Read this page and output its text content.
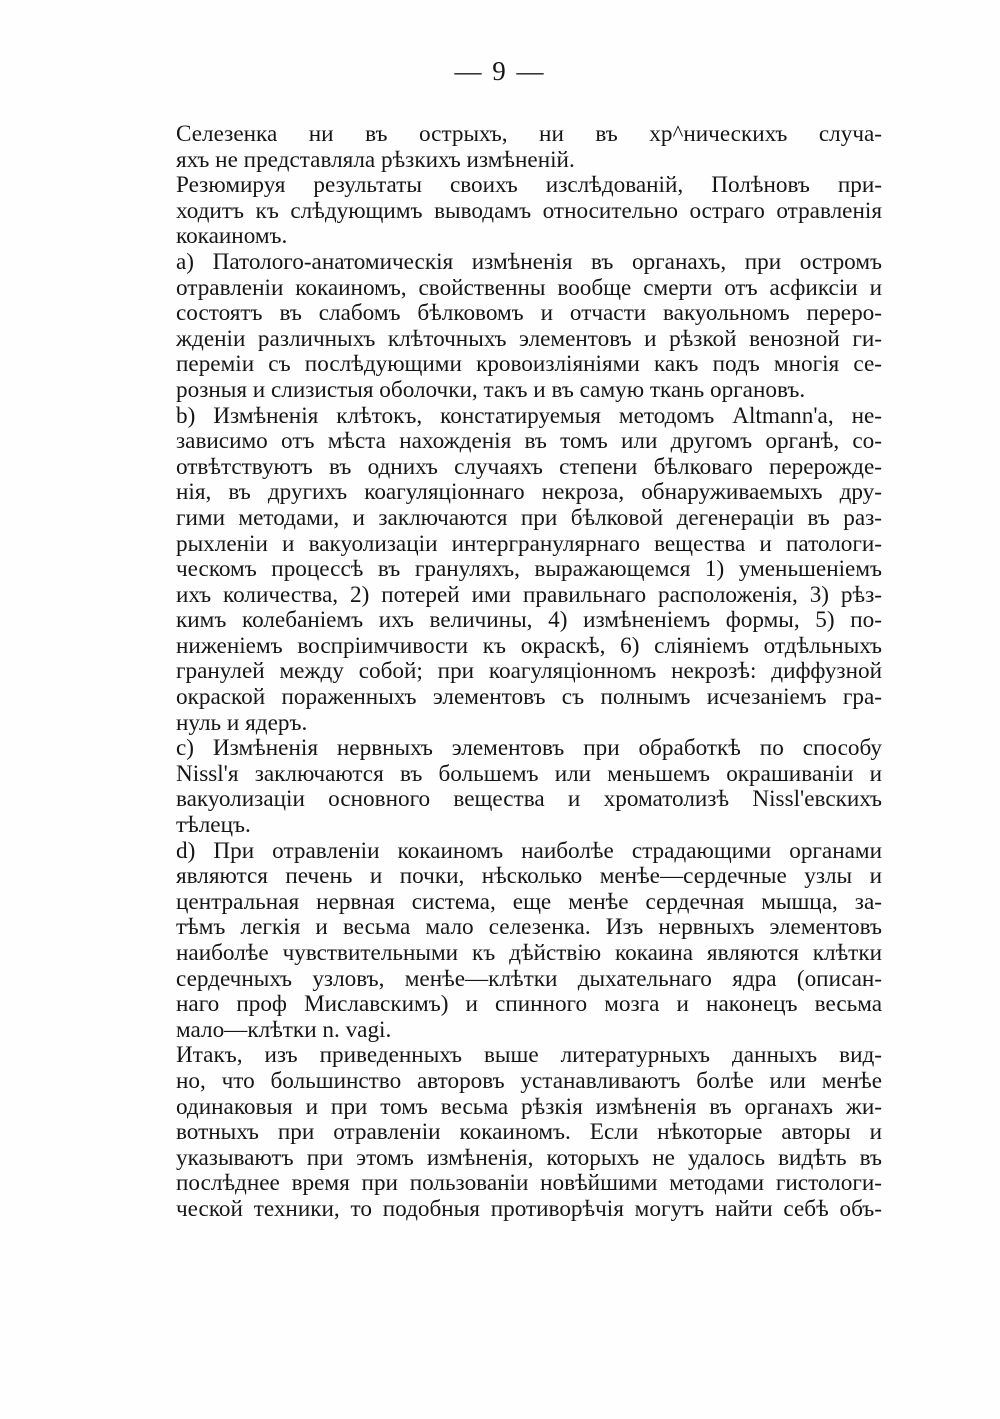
— 9 —
Селезенка ни въ острыхъ, ни въ хр^ническихъ случа-
яхъ не представляла рѣзкихъ измѣненій.
Резюмируя результаты своихъ изслѣдованій, Полѣновъ при-
ходитъ къ слѣдующимъ выводамъ относительно остраго отравленія
кокаиномъ.
а) Патолого-анатомическія измѣненія въ органахъ, при остромъ
отравленіи кокаиномъ, свойственны вообще смерти отъ асфиксіи и
состоятъ въ слабомъ бѣлковомъ и отчасти вакуольномъ переро-
жденіи различныхъ клѣточныхъ элементовъ и рѣзкой венозной ги-
переміи съ послѣдующими кровоизліяніями какъ подъ многія се-
розныя и слизистыя оболочки, такъ и въ самую ткань органовъ.
b) Измѣненія клѣтокъ, констатируемыя методомъ Altmann'а, не-
зависимо отъ мѣста нахожденія въ томъ или другомъ органѣ, со-
отвѣтствуютъ въ однихъ случаяхъ степени бѣлковаго перерожде-
нія, въ другихъ коагуляціоннаго некроза, обнаруживаемыхъ дру-
гими методами, и заключаются при бѣлковой дегенераціи въ раз-
рыхленіи и вакуолизаціи интергранулярнаго вещества и патологи-
ческомъ процессѣ въ грануляхъ, выражающемся 1) уменьшеніемъ
ихъ количества, 2) потерей ими правильнаго расположенія, 3) рѣз-
кимъ колебаніемъ ихъ величины, 4) измѣненіемъ формы, 5) по-
ниженіемъ воспріимчивости къ окраскѣ, 6) сліяніемъ отдѣльныхъ
гранулей между собой; при коагуляціонномъ некрозѣ: диффузной
окраской пораженныхъ элементовъ съ полнымъ исчезаніемъ гра-
нуль и ядеръ.
c) Измѣненія нервныхъ элементовъ при обработкѣ по способу
Nissl'я заключаются въ большемъ или меньшемъ окрашиваніи и
вакуолизаціи основного вещества и хроматолизѣ Nissl'евскихъ
тѣлецъ.
d) При отравленіи кокаиномъ наиболѣе страдающими органами
являются печень и почки, нѣсколько менѣе—сердечные узлы и
центральная нервная система, еще менѣе сердечная мышца, за-
тѣмъ легкія и весьма мало селезенка. Изъ нервныхъ элементовъ
наиболѣе чувствительными къ дѣйствію кокаина являются клѣтки
сердечныхъ узловъ, менѣе—клѣтки дыхательнаго ядра (описан-
наго проф Миславскимъ) и спинного мозга и наконецъ весьма
мало—клѣтки n. vagi.
Итакъ, изъ приведенныхъ выше литературныхъ данныхъ вид-
но, что большинство авторовъ устанавливаютъ болѣе или менѣе
одинаковыя и при томъ весьма рѣзкія измѣненія въ органахъ жи-
вотныхъ при отравленіи кокаиномъ. Если нѣкоторые авторы и
указываютъ при этомъ измѣненія, которыхъ не удалось видѣть въ
послѣднее время при пользованіи новѣйшими методами гистологи-
ческой техники, то подобныя противорѣчія могутъ найти себѣ объ-
